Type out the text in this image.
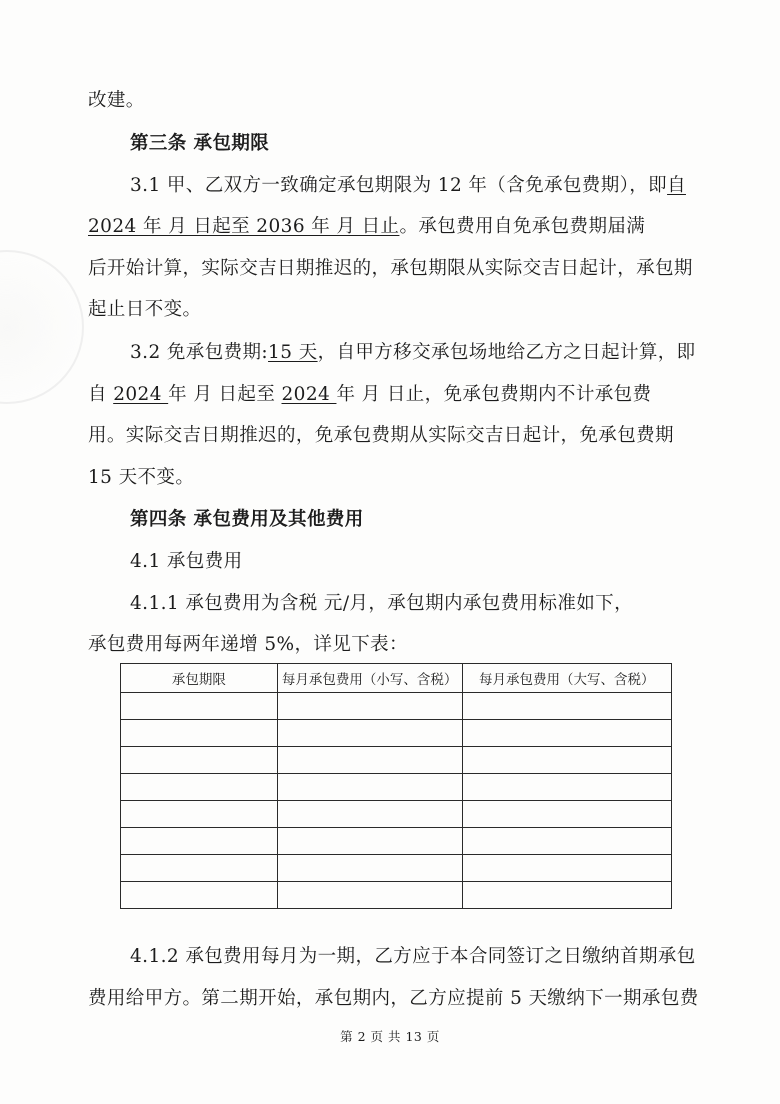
改建。
第三条 承包期限
3.1 甲、乙双方一致确定承包期限为 12 年（含免承包费期），即自
2024 年 月 日起至 2036 年 月 日止。承包费用自免承包费期届满
后开始计算，实际交吉日期推迟的，承包期限从实际交吉日起计，承包期
起止日不变。
3.2 免承包费期:15 天，自甲方移交承包场地给乙方之日起计算，即
自 2024 年 月 日起至 2024 年 月 日止，免承包费期内不计承包费
用。实际交吉日期推迟的，免承包费期从实际交吉日起计，免承包费期
15 天不变。
第四条 承包费用及其他费用
4.1 承包费用
4.1.1 承包费用为含税 元/月，承包期内承包费用标准如下，
承包费用每两年递增 5%，详见下表：
承包期限	每月承包费用（小写、含税）	每月承包费用（大写、含税）

4.1.2 承包费用每月为一期，乙方应于本合同签订之日缴纳首期承包
费用给甲方。第二期开始，承包期内，乙方应提前 5 天缴纳下一期承包费
第 2 页 共 13 页
